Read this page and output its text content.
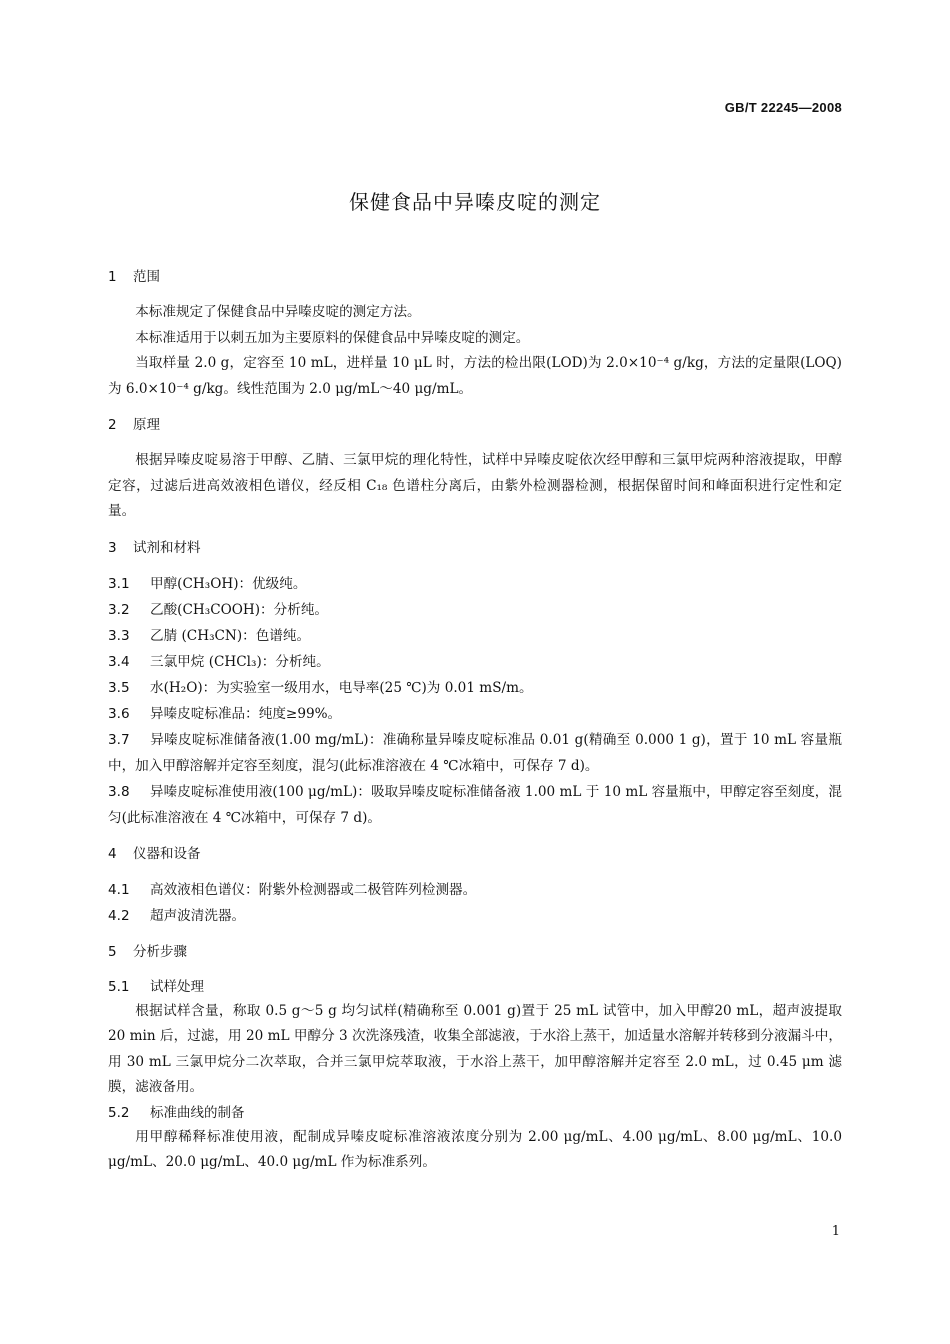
GB/T 22245—2008
保健食品中异嗪皮啶的测定
1 范围
本标准规定了保健食品中异嗪皮啶的测定方法。
本标准适用于以刺五加为主要原料的保健食品中异嗪皮啶的测定。
当取样量 2.0 g，定容至 10 mL，进样量 10 μL 时，方法的检出限(LOD)为 2.0×10⁻⁴ g/kg，方法的定量限(LOQ)为 6.0×10⁻⁴ g/kg。线性范围为 2.0 μg/mL～40 μg/mL。
2 原理
根据异嗪皮啶易溶于甲醇、乙腈、三氯甲烷的理化特性，试样中异嗪皮啶依次经甲醇和三氯甲烷两种溶液提取，甲醇定容，过滤后进高效液相色谱仪，经反相 C₁₈ 色谱柱分离后，由紫外检测器检测，根据保留时间和峰面积进行定性和定量。
3 试剂和材料
3.1 甲醇(CH₃OH)：优级纯。
3.2 乙酸(CH₃COOH)：分析纯。
3.3 乙腈 (CH₃CN)：色谱纯。
3.4 三氯甲烷 (CHCl₃)：分析纯。
3.5 水(H₂O)：为实验室一级用水，电导率(25 ℃)为 0.01 mS/m。
3.6 异嗪皮啶标准品：纯度≥99%。
3.7 异嗪皮啶标准储备液(1.00 mg/mL)：准确称量异嗪皮啶标准品 0.01 g(精确至 0.000 1 g)，置于 10 mL 容量瓶中，加入甲醇溶解并定容至刻度，混匀(此标准溶液在 4 ℃冰箱中，可保存 7 d)。
3.8 异嗪皮啶标准使用液(100 μg/mL)：吸取异嗪皮啶标准储备液 1.00 mL 于 10 mL 容量瓶中，甲醇定容至刻度，混匀(此标准溶液在 4 ℃冰箱中，可保存 7 d)。
4 仪器和设备
4.1 高效液相色谱仪：附紫外检测器或二极管阵列检测器。
4.2 超声波清洗器。
5 分析步骤
5.1 试样处理
根据试样含量，称取 0.5 g～5 g 均匀试样(精确称至 0.001 g)置于 25 mL 试管中，加入甲醇20 mL，超声波提取 20 min 后，过滤，用 20 mL 甲醇分 3 次洗涤残渣，收集全部滤液，于水浴上蒸干，加适量水溶解并转移到分液漏斗中，用 30 mL 三氯甲烷分二次萃取，合并三氯甲烷萃取液，于水浴上蒸干，加甲醇溶解并定容至 2.0 mL，过 0.45 μm 滤膜，滤液备用。
5.2 标准曲线的制备
用甲醇稀释标准使用液，配制成异嗪皮啶标准溶液浓度分别为 2.00 μg/mL、4.00 μg/mL、8.00 μg/mL、10.0 μg/mL、20.0 μg/mL、40.0 μg/mL 作为标准系列。
1
